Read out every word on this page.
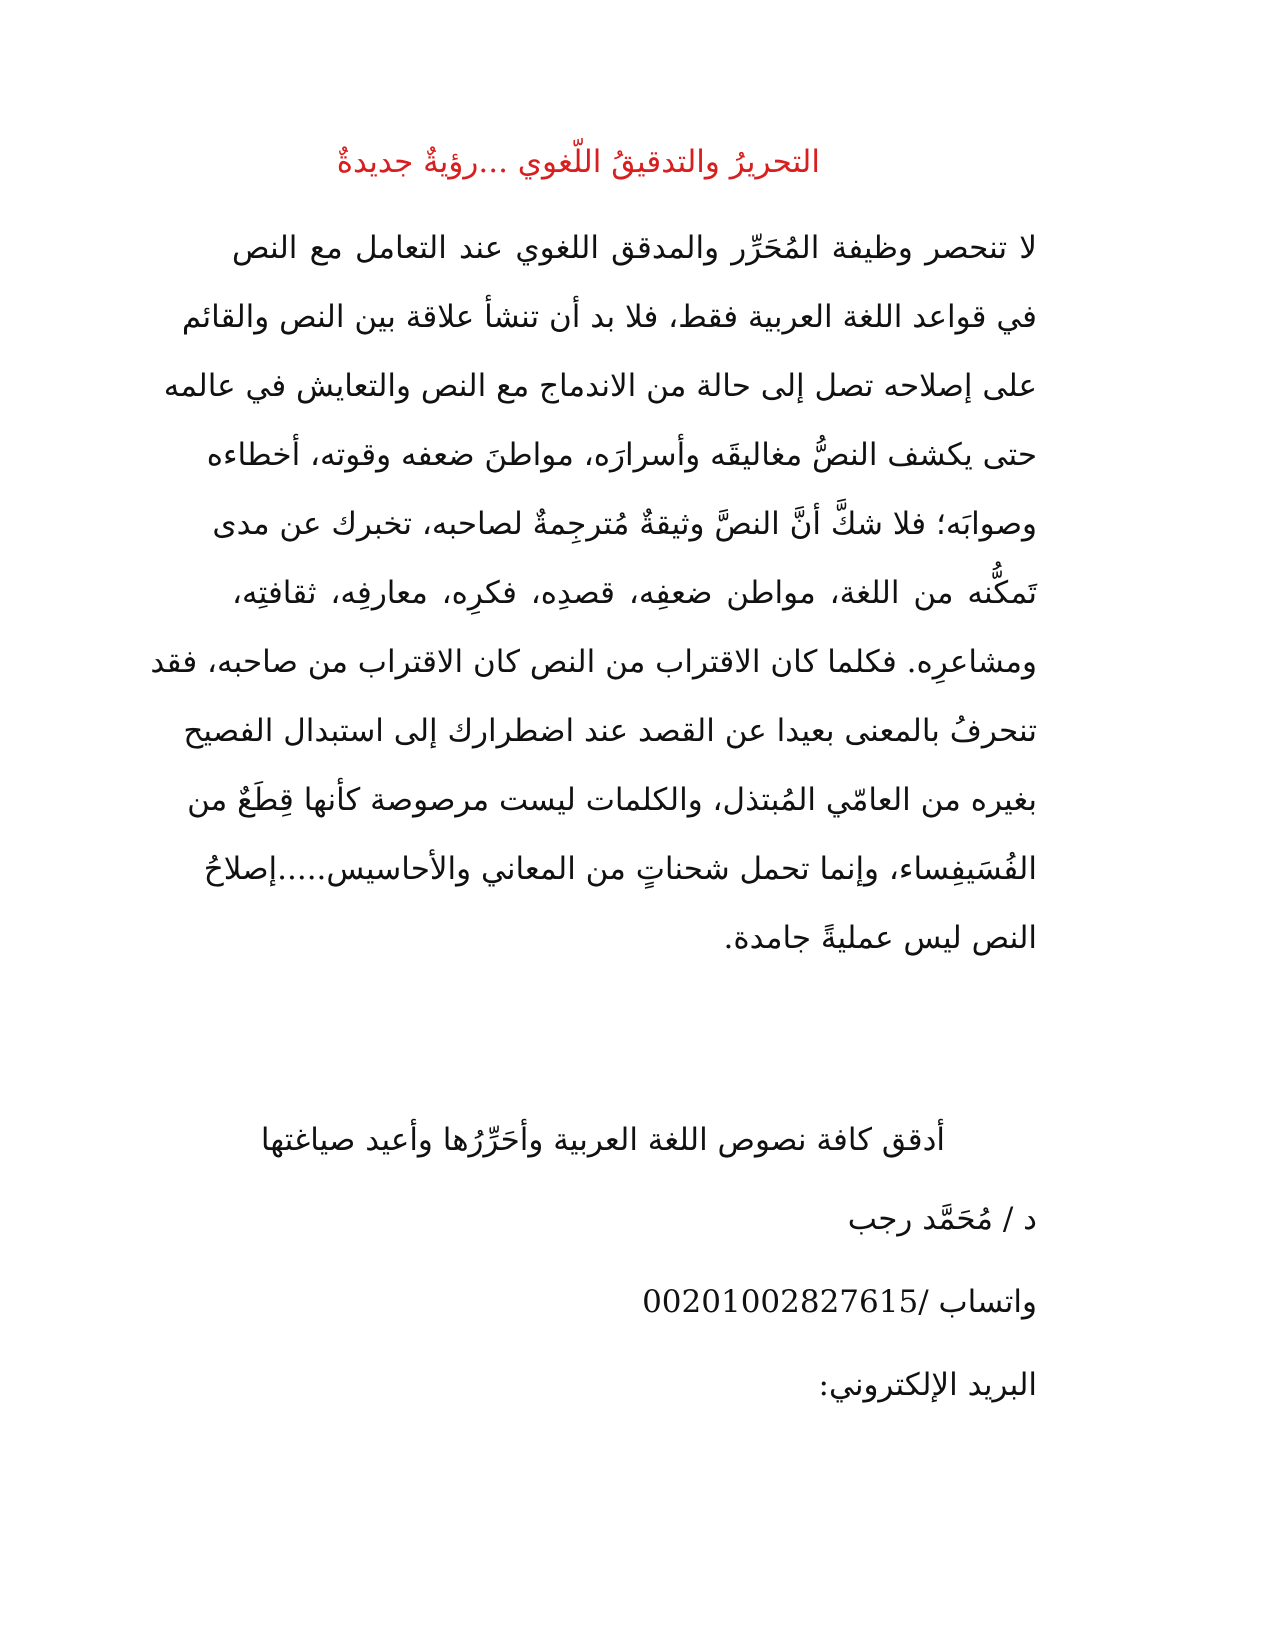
التحريرُ والتدقيقُ اللّغوي ...رؤيةٌ جديدةٌ
لا تنحصر وظيفة المُحَرِّر والمدقق اللغوي عند التعامل مع النص
في قواعد اللغة العربية فقط، فلا بد أن تنشأ علاقة بين النص والقائم
على إصلاحه تصل إلى حالة من الاندماج مع النص والتعايش في عالمه
حتى يكشف النصُّ مغاليقَه وأسرارَه، مواطنَ ضعفه وقوته، أخطاءه
وصوابَه؛ فلا شكَّ أنَّ النصَّ وثيقةٌ مُترجِمةٌ لصاحبه، تخبرك عن مدى
تَمكُّنه من اللغة، مواطن ضعفِه، قصدِه، فكرِه، معارفِه، ثقافتِه،
ومشاعرِه. فكلما كان الاقتراب من النص كان الاقتراب من صاحبه، فقد
تنحرفُ بالمعنى بعيدا عن القصد عند اضطرارك إلى استبدال الفصيح
بغيره من العامّي المُبتذل، والكلمات ليست مرصوصة كأنها قِطَعٌ من
الفُسَيفِساء، وإنما تحمل شحناتٍ من المعاني والأحاسيس.....إصلاحُ
النص ليس عمليةً جامدة.
أدقق كافة نصوص اللغة العربية وأحَرِّرُها وأعيد صياغتها
د / مُحَمَّد رجب
واتساب /00201002827615
البريد الإلكتروني:
